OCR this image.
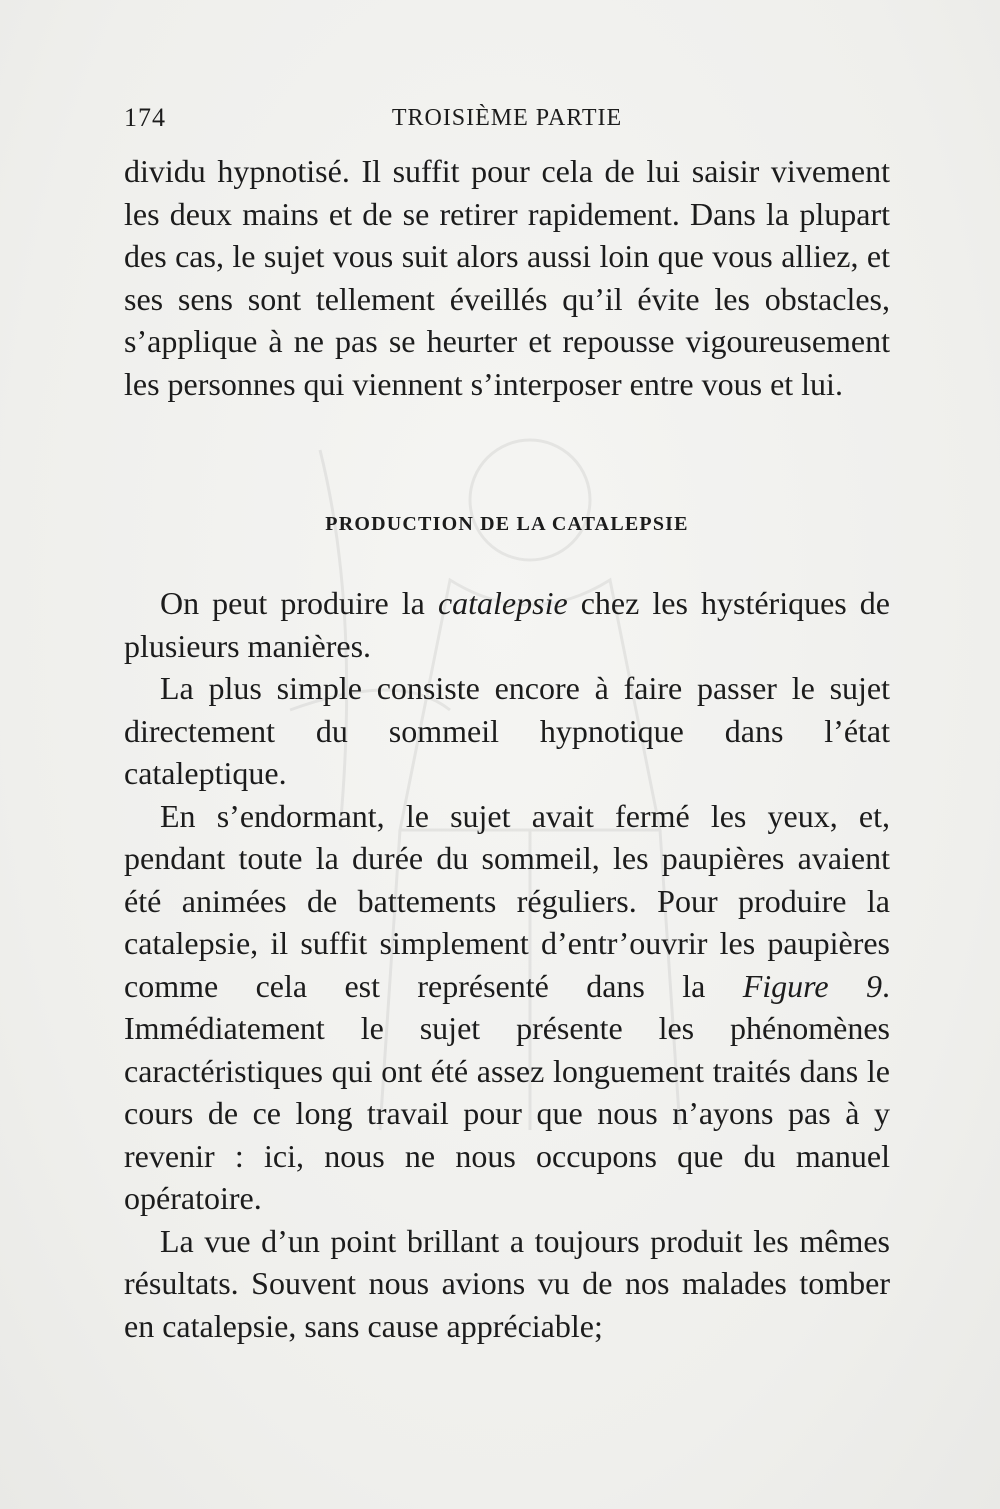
174	TROISIÈME PARTIE

dividu hypnotisé. Il suffit pour cela de lui saisir vivement les deux mains et de se retirer rapidement. Dans la plupart des cas, le sujet vous suit alors aussi loin que vous alliez, et ses sens sont tellement éveillés qu’il évite les obstacles, s’applique à ne pas se heurter et repousse vigoureusement les personnes qui viennent s’interposer entre vous et lui.

PRODUCTION DE LA CATALEPSIE

On peut produire la catalepsie chez les hystériques de plusieurs manières.

La plus simple consiste encore à faire passer le sujet directement du sommeil hypnotique dans l’état cataleptique.

En s’endormant, le sujet avait fermé les yeux, et, pendant toute la durée du sommeil, les paupières avaient été animées de battements réguliers. Pour produire la catalepsie, il suffit simplement d’entr’ouvrir les paupières comme cela est représenté dans la Figure 9. Immédiatement le sujet présente les phénomènes caractéristiques qui ont été assez longuement traités dans le cours de ce long travail pour que nous n’ayons pas à y revenir : ici, nous ne nous occupons que du manuel opératoire.

La vue d’un point brillant a toujours produit les mêmes résultats. Souvent nous avions vu de nos malades tomber en catalepsie, sans cause appréciable;
